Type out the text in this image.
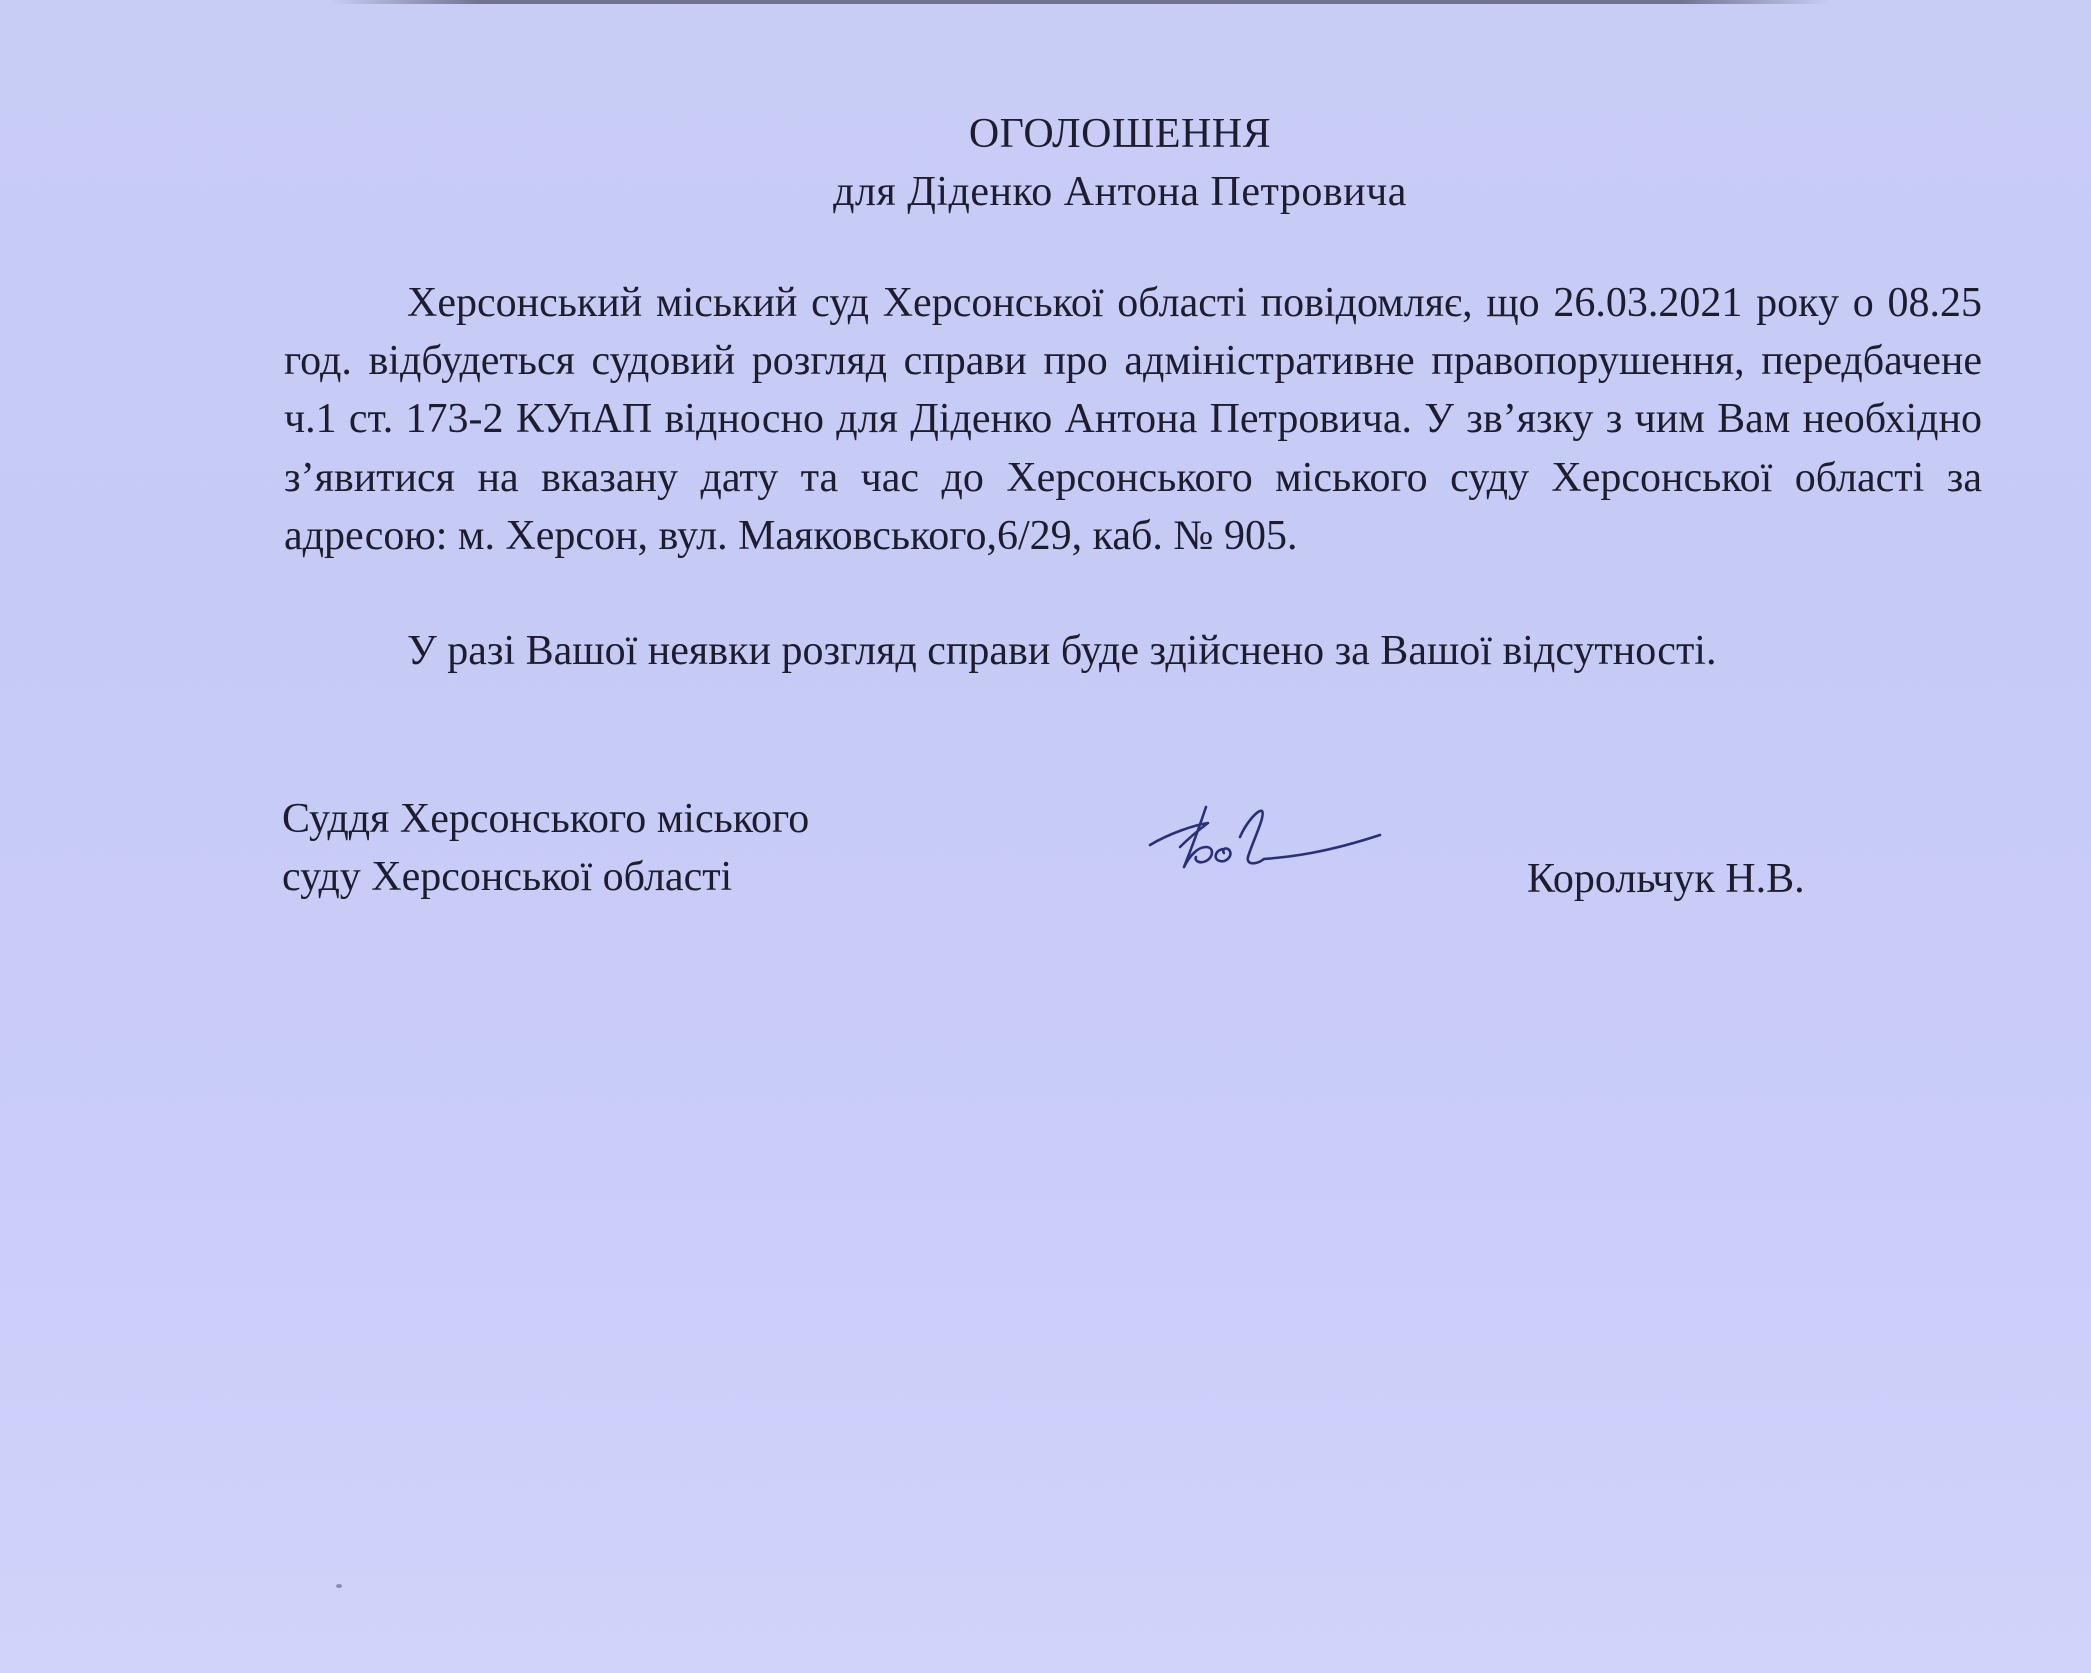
ОГОЛОШЕННЯ
для Діденко Антона Петровича

Херсонський міський суд Херсонської області повідомляє, що 26.03.2021 року о 08.25 год. відбудеться судовий розгляд справи про адміністративне правопорушення, передбачене ч.1 ст. 173-2 КУпАП відносно для Діденко Антона Петровича. У зв’язку з чим Вам необхідно з’явитися на вказану дату та час до Херсонського міського суду Херсонської області за адресою: м. Херсон, вул. Маяковського,6/29, каб. № 905.

У разі Вашої неявки розгляд справи буде здійснено за Вашої відсутності.

Суддя Херсонського міського
суду Херсонської області	Корольчук Н.В.
